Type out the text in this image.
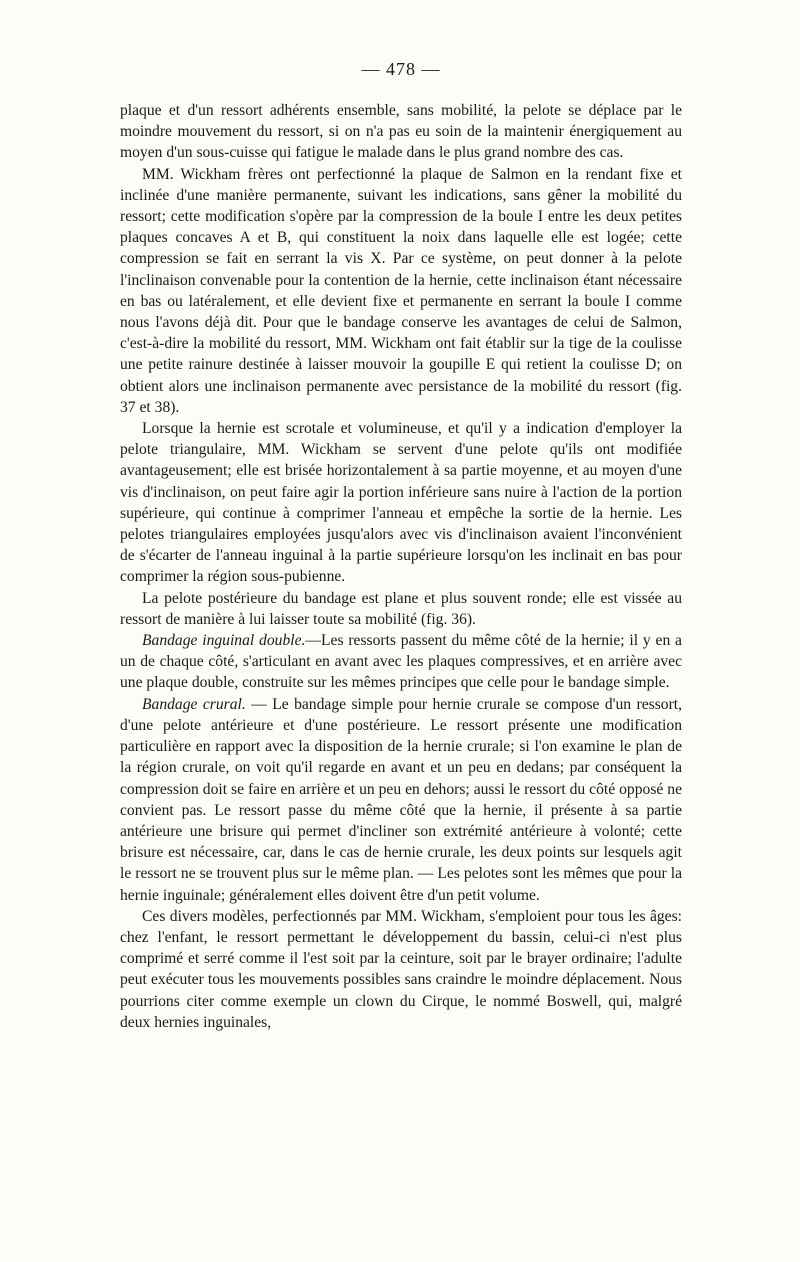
— 478 —

plaque et d'un ressort adhérents ensemble, sans mobilité, la pelote se déplace par le moindre mouvement du ressort, si on n'a pas eu soin de la maintenir énergiquement au moyen d'un sous-cuisse qui fatigue le malade dans le plus grand nombre des cas.

MM. Wickham frères ont perfectionné la plaque de Salmon en la rendant fixe et inclinée d'une manière permanente, suivant les indications, sans gêner la mobilité du ressort; cette modification s'opère par la compression de la boule I entre les deux petites plaques concaves A et B, qui constituent la noix dans laquelle elle est logée; cette compression se fait en serrant la vis X. Par ce système, on peut donner à la pelote l'inclinaison convenable pour la contention de la hernie, cette inclinaison étant nécessaire en bas ou latéralement, et elle devient fixe et permanente en serrant la boule I comme nous l'avons déjà dit. Pour que le bandage conserve les avantages de celui de Salmon, c'est-à-dire la mobilité du ressort, MM. Wickham ont fait établir sur la tige de la coulisse une petite rainure destinée à laisser mouvoir la goupille E qui retient la coulisse D; on obtient alors une inclinaison permanente avec persistance de la mobilité du ressort (fig. 37 et 38).

Lorsque la hernie est scrotale et volumineuse, et qu'il y a indication d'employer la pelote triangulaire, MM. Wickham se servent d'une pelote qu'ils ont modifiée avantageusement; elle est brisée horizontalement à sa partie moyenne, et au moyen d'une vis d'inclinaison, on peut faire agir la portion inférieure sans nuire à l'action de la portion supérieure, qui continue à comprimer l'anneau et empêche la sortie de la hernie. Les pelotes triangulaires employées jusqu'alors avec vis d'inclinaison avaient l'inconvénient de s'écarter de l'anneau inguinal à la partie supérieure lorsqu'on les inclinait en bas pour comprimer la région sous-pubienne.

La pelote postérieure du bandage est plane et plus souvent ronde; elle est vissée au ressort de manière à lui laisser toute sa mobilité (fig. 36).

Bandage inguinal double.—Les ressorts passent du même côté de la hernie; il y en a un de chaque côté, s'articulant en avant avec les plaques compressives, et en arrière avec une plaque double, construite sur les mêmes principes que celle pour le bandage simple.

Bandage crural. — Le bandage simple pour hernie crurale se compose d'un ressort, d'une pelote antérieure et d'une postérieure. Le ressort présente une modification particulière en rapport avec la disposition de la hernie crurale; si l'on examine le plan de la région crurale, on voit qu'il regarde en avant et un peu en dedans; par conséquent la compression doit se faire en arrière et un peu en dehors; aussi le ressort du côté opposé ne convient pas. Le ressort passe du même côté que la hernie, il présente à sa partie antérieure une brisure qui permet d'incliner son extrémité antérieure à volonté; cette brisure est nécessaire, car, dans le cas de hernie crurale, les deux points sur lesquels agit le ressort ne se trouvent plus sur le même plan. — Les pelotes sont les mêmes que pour la hernie inguinale; généralement elles doivent être d'un petit volume.

Ces divers modèles, perfectionnés par MM. Wickham, s'emploient pour tous les âges: chez l'enfant, le ressort permettant le développement du bassin, celui-ci n'est plus comprimé et serré comme il l'est soit par la ceinture, soit par le brayer ordinaire; l'adulte peut exécuter tous les mouvements possibles sans craindre le moindre déplacement. Nous pourrions citer comme exemple un clown du Cirque, le nommé Boswell, qui, malgré deux hernies inguinales,
